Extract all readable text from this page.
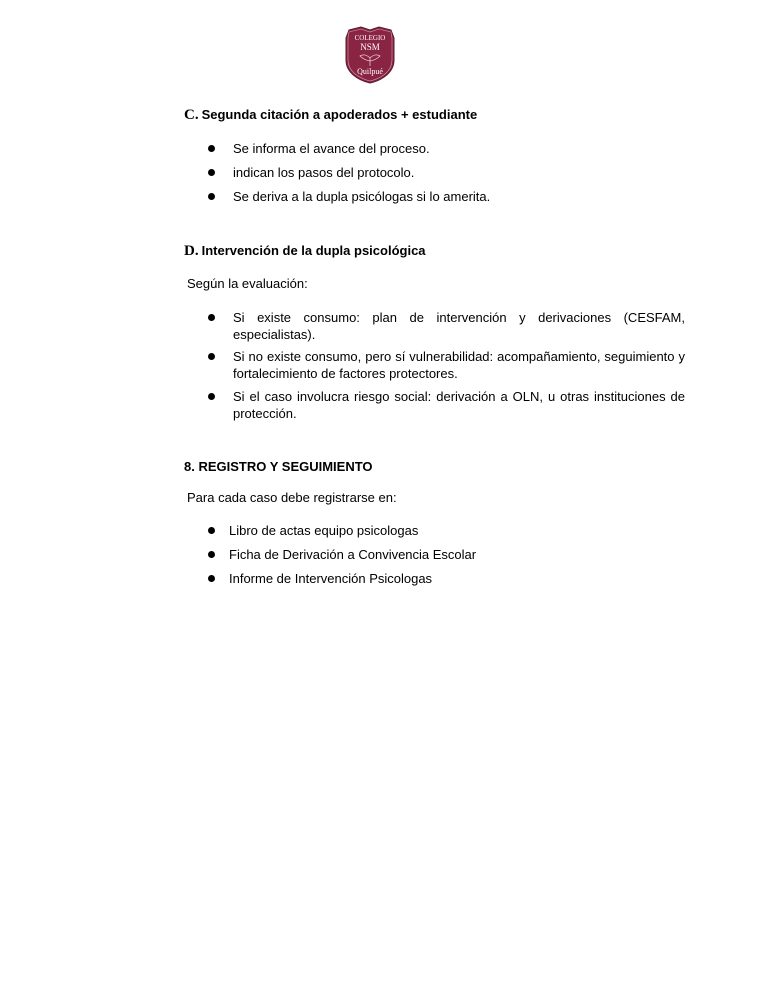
COLEGIO
NSM
Quilpué
C. Segunda citación a apoderados + estudiante
Se informa el avance del proceso.
indican los pasos del protocolo.
Se deriva a la dupla psicólogas si lo amerita.
D. Intervención de la dupla psicológica
Según la evaluación:
Si existe consumo: plan de intervención y derivaciones (CESFAM, especialistas).
Si no existe consumo, pero sí vulnerabilidad: acompañamiento, seguimiento y fortalecimiento de factores protectores.
Si el caso involucra riesgo social: derivación a OLN, u otras instituciones de protección.
8. REGISTRO Y SEGUIMIENTO
Para cada caso debe registrarse en:
Libro de actas equipo psicologas
Ficha de Derivación a Convivencia Escolar
Informe de Intervención Psicologas
